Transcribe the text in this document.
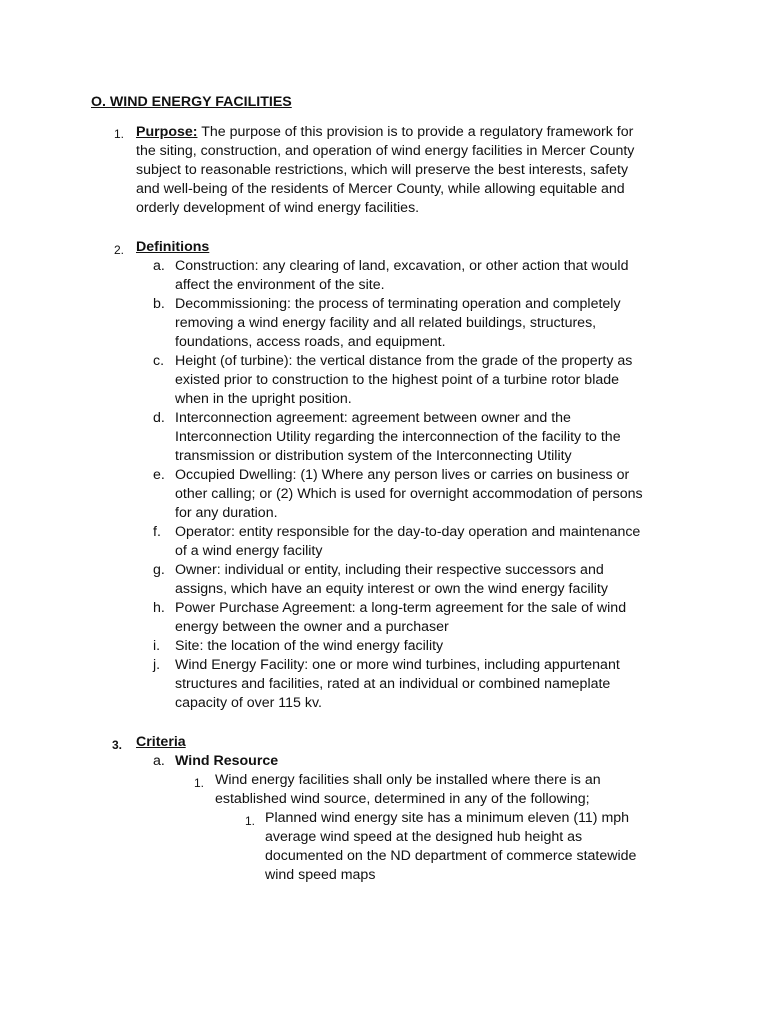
O. WIND ENERGY FACILITIES
1. Purpose: The purpose of this provision is to provide a regulatory framework for
the siting, construction, and operation of wind energy facilities in Mercer County
subject to reasonable restrictions, which will preserve the best interests, safety
and well-being of the residents of Mercer County, while allowing equitable and
orderly development of wind energy facilities.
2. Definitions
a. Construction: any clearing of land, excavation, or other action that would
affect the environment of the site.
b. Decommissioning: the process of terminating operation and completely
removing a wind energy facility and all related buildings, structures,
foundations, access roads, and equipment.
c. Height (of turbine): the vertical distance from the grade of the property as
existed prior to construction to the highest point of a turbine rotor blade
when in the upright position.
d. Interconnection agreement: agreement between owner and the
Interconnection Utility regarding the interconnection of the facility to the
transmission or distribution system of the Interconnecting Utility
e. Occupied Dwelling: (1) Where any person lives or carries on business or
other calling; or (2) Which is used for overnight accommodation of persons
for any duration.
f. Operator: entity responsible for the day-to-day operation and maintenance
of a wind energy facility
g. Owner: individual or entity, including their respective successors and
assigns, which have an equity interest or own the wind energy facility
h. Power Purchase Agreement: a long-term agreement for the sale of wind
energy between the owner and a purchaser
i. Site: the location of the wind energy facility
j. Wind Energy Facility: one or more wind turbines, including appurtenant
structures and facilities, rated at an individual or combined nameplate
capacity of over 115 kv.
3. Criteria
a. Wind Resource
1. Wind energy facilities shall only be installed where there is an
established wind source, determined in any of the following;
1. Planned wind energy site has a minimum eleven (11) mph
average wind speed at the designed hub height as
documented on the ND department of commerce statewide
wind speed maps
